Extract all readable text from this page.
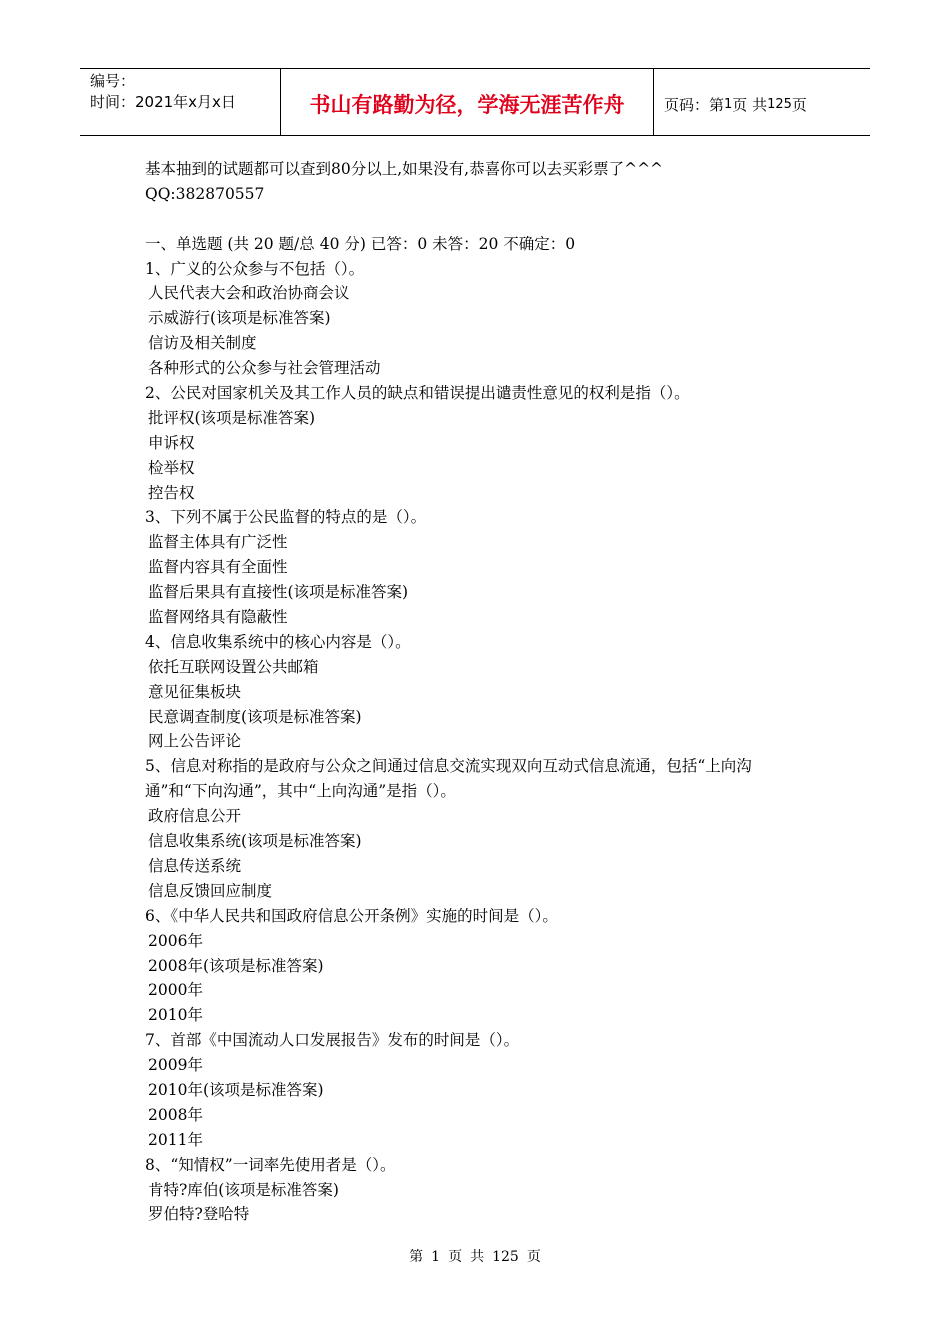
编号：
时间：2021年x月x日	书山有路勤为径，学海无涯苦作舟	页码：第 1 页 共 125 页
基本抽到的试题都可以查到80分以上,如果没有,恭喜你可以去买彩票了^^^
QQ:382870557
一、单选题 (共 20 题/总 40 分) 已答：0 未答：20 不确定：0
1、广义的公众参与不包括（）。
人民代表大会和政治协商会议
示威游行(该项是标准答案)
信访及相关制度
各种形式的公众参与社会管理活动
2、公民对国家机关及其工作人员的缺点和错误提出谴责性意见的权利是指（）。
批评权(该项是标准答案)
申诉权
检举权
控告权
3、下列不属于公民监督的特点的是（）。
监督主体具有广泛性
监督内容具有全面性
监督后果具有直接性(该项是标准答案)
监督网络具有隐蔽性
4、信息收集系统中的核心内容是（）。
依托互联网设置公共邮箱
意见征集板块
民意调查制度(该项是标准答案)
网上公告评论
5、信息对称指的是政府与公众之间通过信息交流实现双向互动式信息流通，包括“上向沟
通”和“下向沟通”，其中“上向沟通”是指（）。
政府信息公开
信息收集系统(该项是标准答案)
信息传送系统
信息反馈回应制度
6、《中华人民共和国政府信息公开条例》实施的时间是（）。
2006年
2008年(该项是标准答案)
2000年
2010年
7、首部《中国流动人口发展报告》发布的时间是（）。
2009年
2010年(该项是标准答案)
2008年
2011年
8、“知情权”一词率先使用者是（）。
肯特?库伯(该项是标准答案)
罗伯特?登哈特
第 1 页 共 125 页
